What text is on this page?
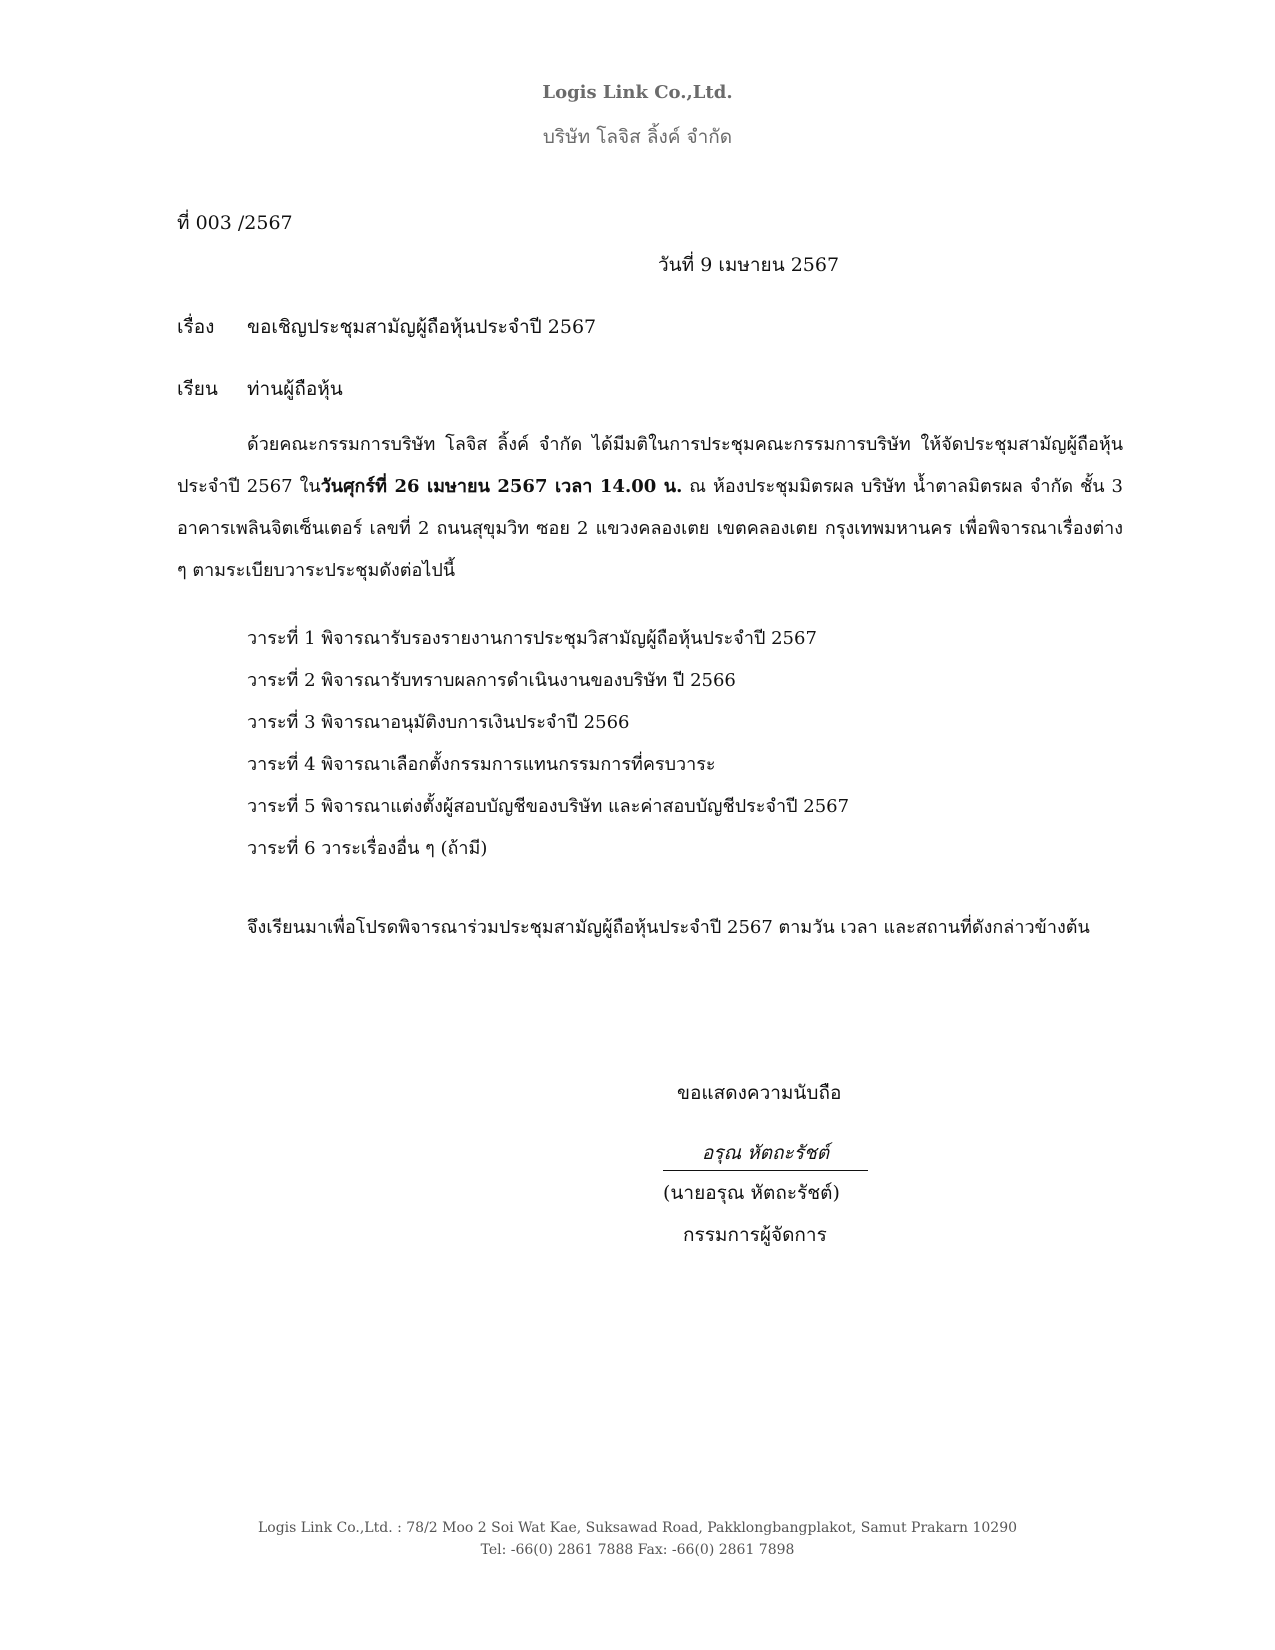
Logis Link Co.,Ltd.
บริษัท โลจิส ลิ้งค์ จำกัด
ที่ 003 /2567
วันที่ 9 เมษายน 2567
เรื่อง ขอเชิญประชุมสามัญผู้ถือหุ้นประจำปี 2567
เรียน ท่านผู้ถือหุ้น

ด้วยคณะกรรมการบริษัท โลจิส ลิ้งค์ จำกัด ได้มีมติในการประชุมคณะกรรมการบริษัท ให้จัดประชุมสามัญผู้ถือหุ้นประจำปี 2567 ในวันศุกร์ที่ 26 เมษายน 2567 เวลา 14.00 น. ณ ห้องประชุมมิตรผล บริษัท น้ำตาลมิตรผล จำกัด ชั้น 3 อาคารเพลินจิตเซ็นเตอร์ เลขที่ 2 ถนนสุขุมวิท ซอย 2 แขวงคลองเตย เขตคลองเตย กรุงเทพมหานคร เพื่อพิจารณาเรื่องต่าง ๆ ตามระเบียบวาระประชุมดังต่อไปนี้

วาระที่ 1 พิจารณารับรองรายงานการประชุมวิสามัญผู้ถือหุ้นประจำปี 2567
วาระที่ 2 พิจารณารับทราบผลการดำเนินงานของบริษัท ปี 2566
วาระที่ 3 พิจารณาอนุมัติงบการเงินประจำปี 2566
วาระที่ 4 พิจารณาเลือกตั้งกรรมการแทนกรรมการที่ครบวาระ
วาระที่ 5 พิจารณาแต่งตั้งผู้สอบบัญชีของบริษัท และค่าสอบบัญชีประจำปี 2567
วาระที่ 6 วาระเรื่องอื่น ๆ (ถ้ามี)

จึงเรียนมาเพื่อโปรดพิจารณาร่วมประชุมสามัญผู้ถือหุ้นประจำปี 2567 ตามวัน เวลา และสถานที่ดังกล่าวข้างต้น

ขอแสดงความนับถือ
อรุณ หัตถะรัชต์
(นายอรุณ หัตถะรัชต์)
กรรมการผู้จัดการ
Logis Link Co.,Ltd. : 78/2 Moo 2 Soi Wat Kae, Suksawad Road, Pakklongbangplakot, Samut Prakarn 10290
Tel: -66(0) 2861 7888 Fax: -66(0) 2861 7898
